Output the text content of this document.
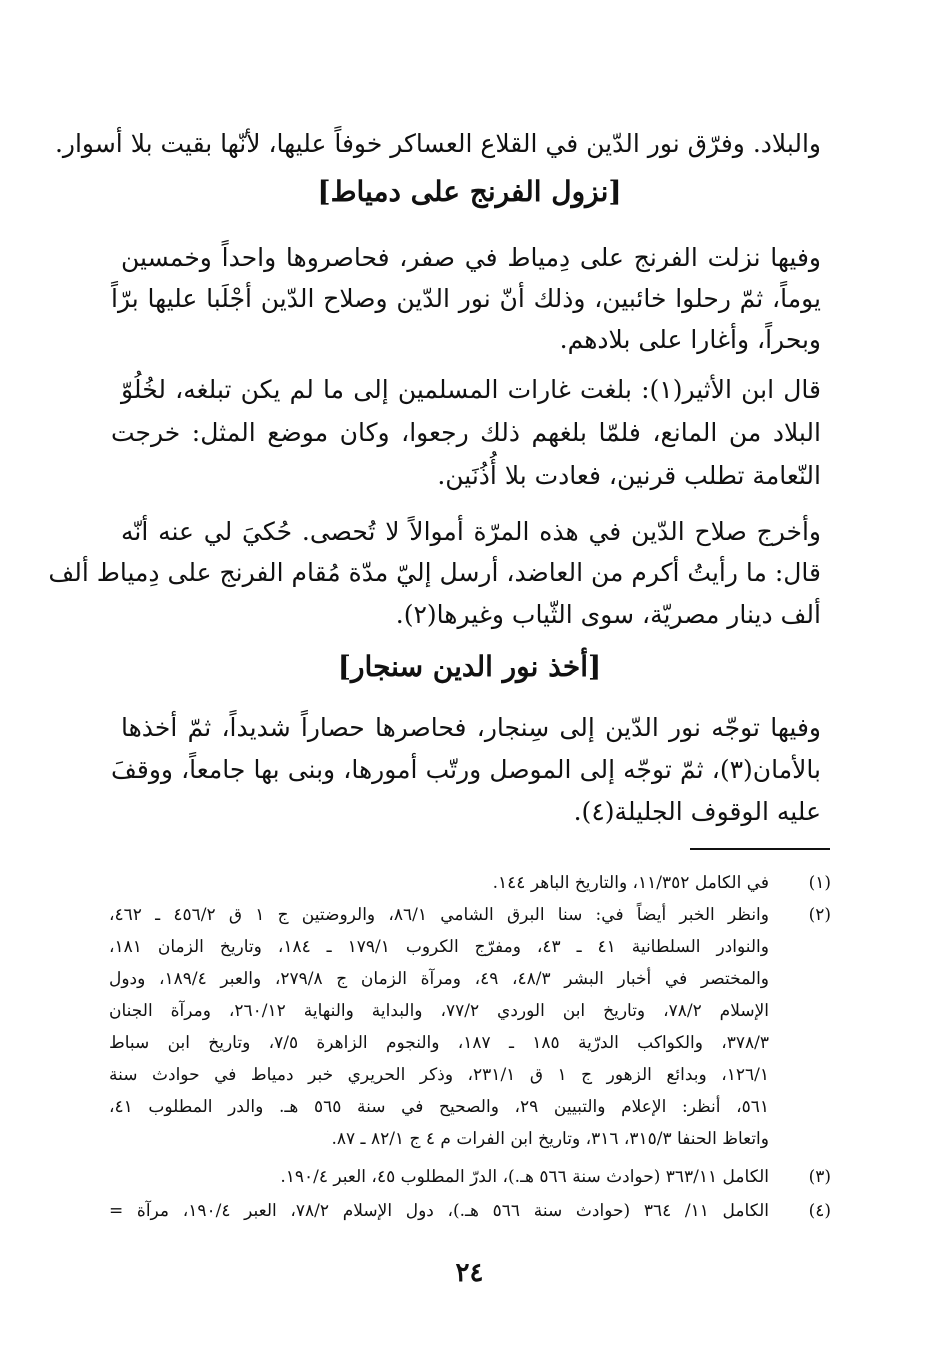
والبلاد. وفرّق نور الدّين في القلاع العساكر خوفاً عليها، لأنّها بقيت بلا أسوار.
[نزول الفرنج على دمياط]
وفيها نزلت الفرنج على دِمياط في صفر، فحاصروها واحداً وخمسين
يوماً، ثمّ رحلوا خائبين، وذلك أنّ نور الدّين وصلاح الدّين أجْلَبا عليها برّاً
وبحراً، وأغارا على بلادهم.
قال ابن الأثير(١): بلغت غارات المسلمين إلى ما لم يكن تبلغه، لخُلُوّ
البلاد من المانع، فلمّا بلغهم ذلك رجعوا، وكان موضع المثل: خرجت
النّعامة تطلب قرنين، فعادت بلا أُذُنَين.
وأخرج صلاح الدّين في هذه المرّة أموالاً لا تُحصى. حُكيَ لي عنه أنّه
قال: ما رأيتُ أكرم من العاضد، أرسل إليّ مدّة مُقام الفرنج على دِمياط ألف
ألف دينار مصريّة، سوى الثّياب وغيرها(٢).
[أخذ نور الدين سنجار]
وفيها توجّه نور الدّين إلى سِنجار، فحاصرها حصاراً شديداً، ثمّ أخذها
بالأمان(٣)، ثمّ توجّه إلى الموصل ورتّب أمورها، وبنى بها جامعاً، ووقفَ
عليه الوقوف الجليلة(٤).
(١)
في الكامل ١١/٣٥٢، والتاريخ الباهر ١٤٤.
(٢)
وانظر الخبر أيضاً في: سنا البرق الشامي ٨٦/١، والروضتين ج ١ ق ٤٥٦/٢ ـ ٤٦٢،
والنوادر السلطانية ٤١ ـ ٤٣، ومفرّج الكروب ١٧٩/١ ـ ١٨٤، وتاريخ الزمان ١٨١،
والمختصر في أخبار البشر ٤٨/٣، ٤٩، ومرآة الزمان ج ٢٧٩/٨، والعبر ١٨٩/٤، ودول
الإسلام ٧٨/٢، وتاريخ ابن الوردي ٧٧/٢، والبداية والنهاية ٢٦٠/١٢، ومرآة الجنان
٣٧٨/٣، والكواكب الدرّية ١٨٥ ـ ١٨٧، والنجوم الزاهرة ٧/٥، وتاريخ ابن سباط
١٢٦/١، وبدائع الزهور ج ١ ق ٢٣١/١، وذكر الحريري خبر دمياط في حوادث سنة
٥٦١، أنظر: الإعلام والتبيين ٢٩، والصحيح في سنة ٥٦٥ هـ. والدر المطلوب ٤١،
واتعاظ الحنفا ٣١٥/٣، ٣١٦، وتاريخ ابن الفرات م ٤ ج ٨٢/١ ـ ٨٧.
(٣)
الكامل ٣٦٣/١١ (حوادث سنة ٥٦٦ هـ.)، الدرّ المطلوب ٤٥، العبر ١٩٠/٤.
(٤)
الكامل ١١/ ٣٦٤ (حوادث سنة ٥٦٦ هـ.)، دول الإسلام ٧٨/٢، العبر ١٩٠/٤، مرآة =
٢٤
